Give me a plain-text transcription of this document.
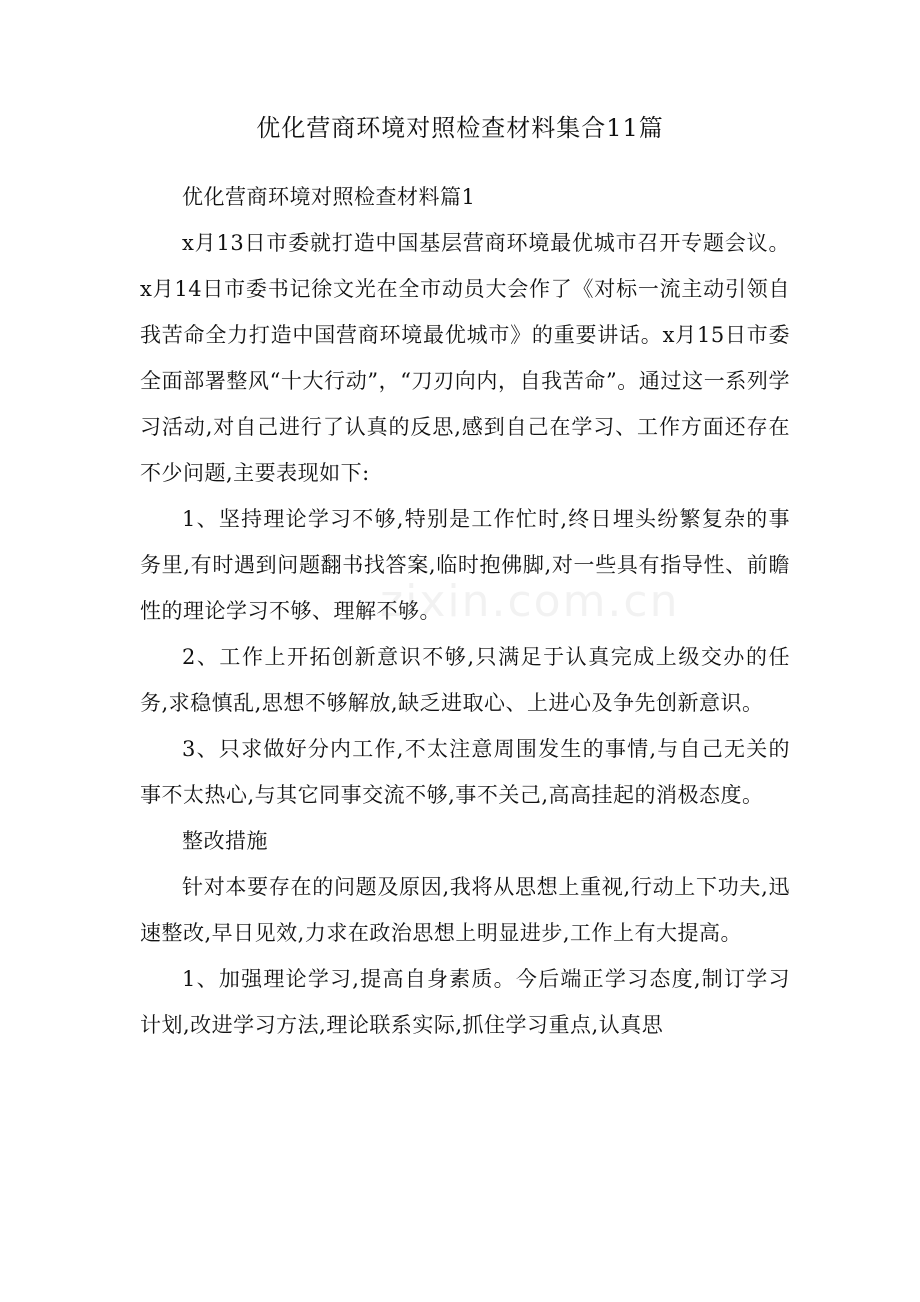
优化营商环境对照检查材料集合11篇

优化营商环境对照检查材料篇1

x月13日市委就打造中国基层营商环境最优城市召开专题会议。x月14日市委书记徐文光在全市动员大会作了《对标一流主动引领自我苦命全力打造中国营商环境最优城市》的重要讲话。x月15日市委全面部署整风“十大行动”，“刀刃向内，自我苦命”。通过这一系列学习活动,对自己进行了认真的反思,感到自己在学习、工作方面还存在不少问题,主要表现如下:

1、坚持理论学习不够,特别是工作忙时,终日埋头纷繁复杂的事务里,有时遇到问题翻书找答案,临时抱佛脚,对一些具有指导性、前瞻性的理论学习不够、理解不够。

2、工作上开拓创新意识不够,只满足于认真完成上级交办的任务,求稳慎乱,思想不够解放,缺乏进取心、上进心及争先创新意识。

3、只求做好分内工作,不太注意周围发生的事情,与自己无关的事不太热心,与其它同事交流不够,事不关己,高高挂起的消极态度。

整改措施

针对本要存在的问题及原因,我将从思想上重视,行动上下功夫,迅速整改,早日见效,力求在政治思想上明显进步,工作上有大提高。

1、加强理论学习,提高自身素质。今后端正学习态度,制订学习计划,改进学习方法,理论联系实际,抓住学习重点,认真思

zixin.com.cn
